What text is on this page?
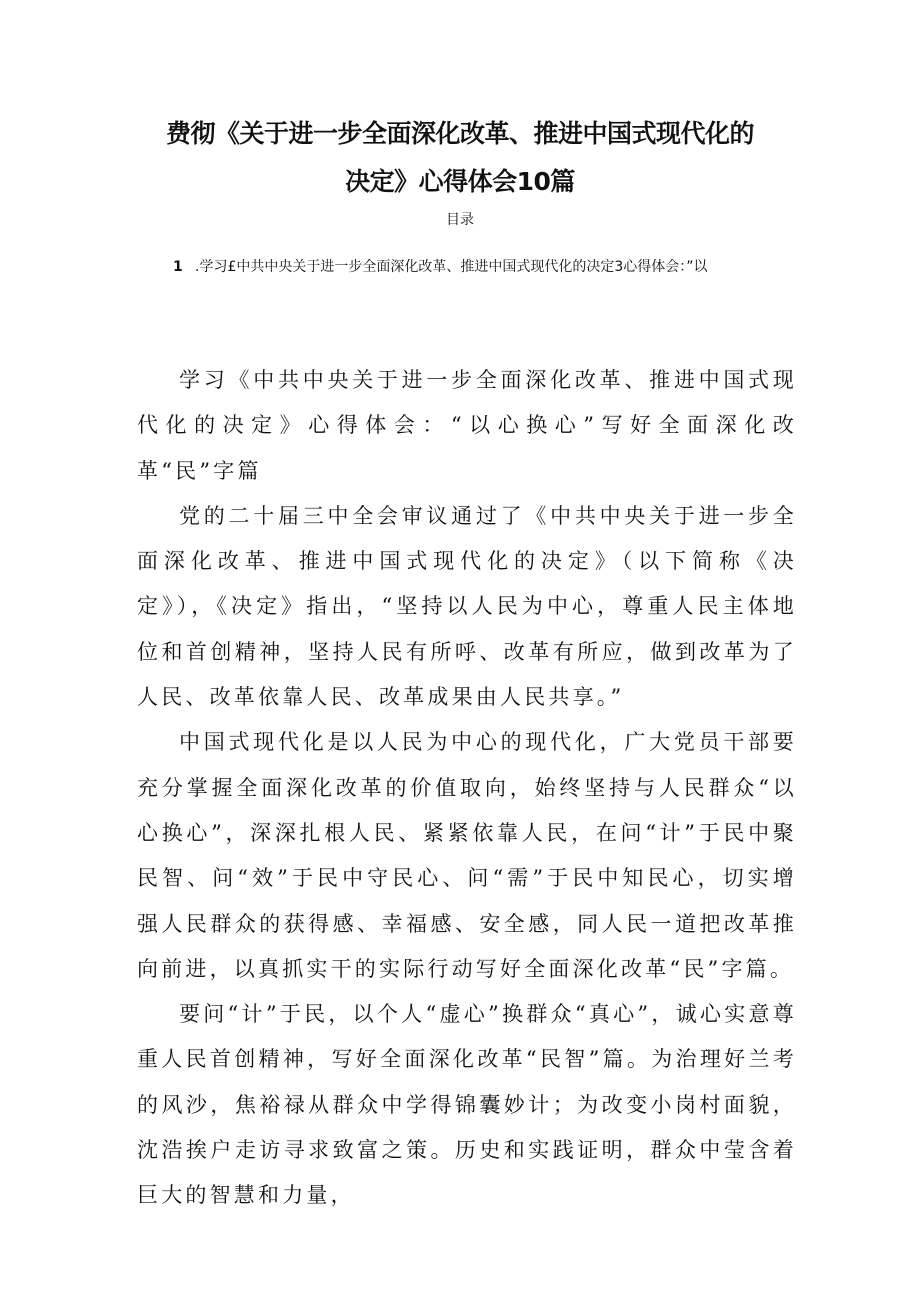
费彻《关于进一步全面深化改革、推进中国式现代化的
决定》心得体会10篇
目录
1 .学习£中共中央关于进一步全面深化改革、推进中国式现代化的决定3心得体会：”以

学习《中共中央关于进一步全面深化改革、推进中国式现代化的决定》心得体会：“以心换心”写好全面深化改革“民”字篇

党的二十届三中全会审议通过了《中共中央关于进一步全面深化改革、推进中国式现代化的决定》（以下简称《决定》），《决定》指出，“坚持以人民为中心，尊重人民主体地位和首创精神，坚持人民有所呼、改革有所应，做到改革为了人民、改革依靠人民、改革成果由人民共享。”

中国式现代化是以人民为中心的现代化，广大党员干部要充分掌握全面深化改革的价值取向，始终坚持与人民群众“以心换心”，深深扎根人民、紧紧依靠人民，在问“计”于民中聚民智、问“效”于民中守民心、问“需”于民中知民心，切实增强人民群众的获得感、幸福感、安全感，同人民一道把改革推向前进，以真抓实干的实际行动写好全面深化改革“民”字篇。

要问“计”于民，以个人“虚心”换群众“真心”，诚心实意尊重人民首创精神，写好全面深化改革“民智”篇。为治理好兰考的风沙，焦裕禄从群众中学得锦囊妙计；为改变小岗村面貌，沈浩挨户走访寻求致富之策。历史和实践证明，群众中莹含着巨大的智慧和力量，
